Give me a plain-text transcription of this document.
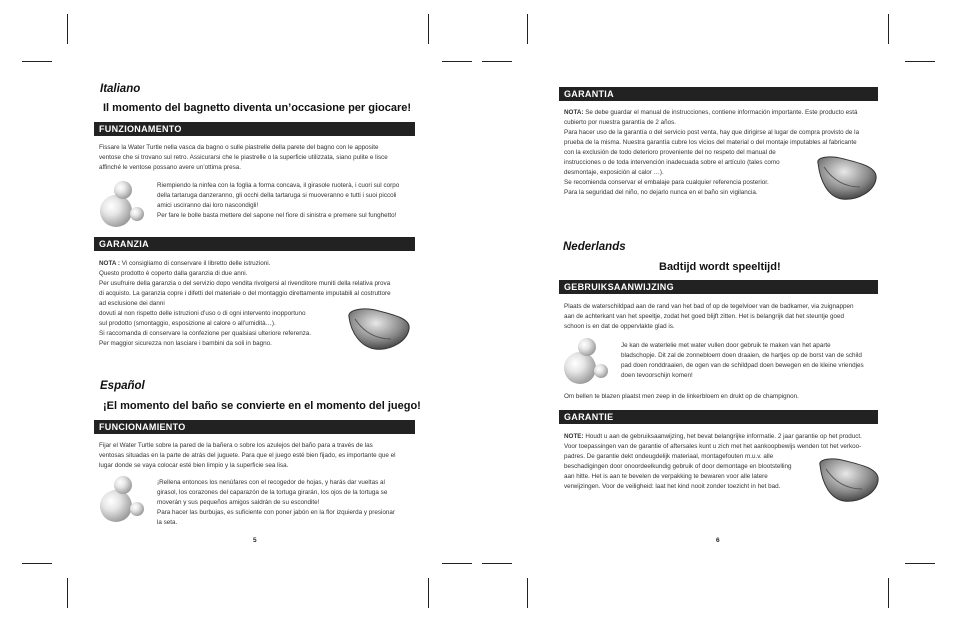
Italiano
Il momento del bagnetto diventa un’occasione per giocare!
FUNZIONAMENTO

Fissare la Water Turtle nella vasca da bagno o sulle piastrelle della parete del bagno con le apposite

ventose che si trovano sul retro. Assicurarsi che le piastrelle o la superficie utilizzata, siano pulite e lisce

affinché le ventose possano avere un’ottima presa.

Riempiendo la ninfea con la foglia a forma concava, il girasole ruoterà, i cuori sul corpo

della tartaruga danzeranno, gli occhi della tartaruga si muoveranno e tutti i suoi piccoli

amici usciranno dai loro nascondigli!

Per fare le bolle basta mettere del sapone nel fiore di sinistra e premere sul funghetto!

GARANZIA

NOTA : Vi consigliamo di conservare il libretto delle istruzioni.

Questo prodotto è coperto dalla garanzia di due anni.

Per usufruire della garanzia o del servizio dopo vendita rivolgersi al rivenditore muniti della relativa prova

di acquisto. La garanzia copre i difetti del materiale o del montaggio direttamente imputabili al costruttore

ad esclusione dei danni

dovuti al non rispetto delle istruzioni d’uso o di ogni intervento inopportuno

sul prodotto (smontaggio, esposizione al calore o all’umidità…).

Si raccomanda di conservare la confezione per qualsiasi ulteriore referenza.

Per maggior sicurezza non lasciare i bambini da soli in bagno.

Español
¡El momento del baño se convierte en el momento del juego!
FUNCIONAMIENTO

Fijar el Water Turtle sobre la pared de la bañera o sobre los azulejos del baño para a través de las

ventosas situadas en la parte de atrás del juguete. Para que el juego esté bien fijado, es importante que el

lugar donde se vaya colocar esté bien limpio y la superficie sea lisa.

¡Rellena entonces los nenúfares con el recogedor de hojas, y harás dar vueltas al

girasol, los corazones del caparazón de la tortuga girarán, los ojos de la tortuga se

moverán y sus pequeños amigos saldrán de su escondite!

Para hacer las burbujas, es suficiente con poner jabón en la flor izquierda y presionar

la seta.

5
GARANTIA

NOTA: Se debe guardar el manual de instrucciones, contiene información importante. Este producto está

cubierto por nuestra garantía de 2 años.

Para hacer uso de la garantía o del servicio post venta, hay que dirigirse al lugar de compra provisto de la

prueba de la misma. Nuestra garantía cubre los vicios del material o del montaje imputables al fabricante

con la exclusión de todo deterioro proveniente del no respeto del manual de

instrucciones o de toda intervención inadecuada sobre el artículo (tales como

desmontaje, exposición al calor …).

Se recomienda conservar el embalaje para cualquier referencia posterior.

Para la seguridad del niño, no dejarlo nunca en el baño sin vigilancia.

Nederlands
Badtijd wordt speeltijd!
GEBRUIKSAANWIJZING

Plaats de waterschildpad aan de rand van het bad of op de tegelvloer van de badkamer, via zuignappen

aan de achterkant van het speeltje, zodat het goed blijft zitten. Het is belangrijk dat het steuntje goed

schoon is en dat de oppervlakte glad is.

Je kan de waterlelie met water vullen door gebruik te maken van het aparte

bladschopje. Dit zal de zonnebloem doen draaien, de hartjes op de borst van de schild

pad doen ronddraaien, de ogen van de schildpad doen bewegen en de kleine vriendjes

doen tevoorschijn komen!

Om bellen te blazen plaatst men zeep in de linkerbloem en drukt op de champignon.
GARANTIE

NOTE: Houdt u aan de gebruiksaanwijzing, het bevat belangrijke informatie. 2 jaar garantie op het product.

Voor toepassingen van de garantie of aftersales kunt u zich met het aankoopbewijs wenden tot het verkoo-

padres. De garantie dekt ondeugdelijk materiaal, montagefouten m.u.v. alle

beschadigingen door onoordeelkundig gebruik of door demontage en blootstelling

aan hitte. Het is aan te bevelen de verpakking te bewaren voor alle latere

verwijzingen. Voor de veiligheid: laat het kind nooit zonder toezicht in het bad.

6
